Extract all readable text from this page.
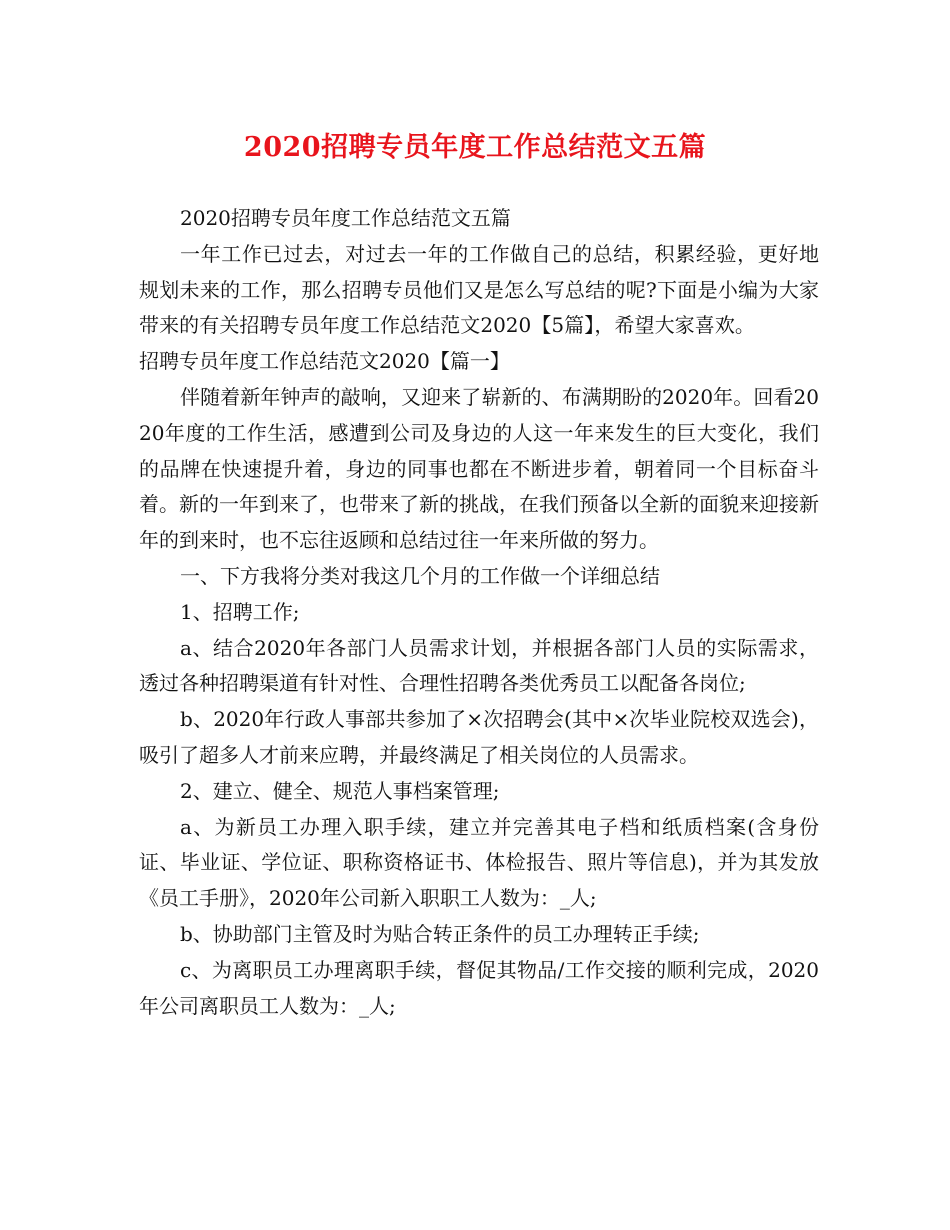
2020招聘专员年度工作总结范文五篇

2020招聘专员年度工作总结范文五篇

一年工作已过去，对过去一年的工作做自己的总结，积累经验，更好地规划未来的工作，那么招聘专员他们又是怎么写总结的呢?下面是小编为大家带来的有关招聘专员年度工作总结范文2020【5篇】，希望大家喜欢。招聘专员年度工作总结范文2020【篇一】

伴随着新年钟声的敲响，又迎来了崭新的、布满期盼的2020年。回看2020年度的工作生活，感遭到公司及身边的人这一年来发生的巨大变化，我们的品牌在快速提升着，身边的同事也都在不断进步着，朝着同一个目标奋斗着。新的一年到来了，也带来了新的挑战，在我们预备以全新的面貌来迎接新年的到来时，也不忘往返顾和总结过往一年来所做的努力。

一、下方我将分类对我这几个月的工作做一个详细总结

1、招聘工作;

a、结合2020年各部门人员需求计划，并根据各部门人员的实际需求，透过各种招聘渠道有针对性、合理性招聘各类优秀员工以配备各岗位;

b、2020年行政人事部共参加了×次招聘会(其中×次毕业院校双选会)，吸引了超多人才前来应聘，并最终满足了相关岗位的人员需求。

2、建立、健全、规范人事档案管理;

a、为新员工办理入职手续，建立并完善其电子档和纸质档案(含身份证、毕业证、学位证、职称资格证书、体检报告、照片等信息)，并为其发放《员工手册》，2020年公司新入职职工人数为：_人;

b、协助部门主管及时为贴合转正条件的员工办理转正手续;

c、为离职员工办理离职手续，督促其物品/工作交接的顺利完成，2020年公司离职员工人数为：_人;
